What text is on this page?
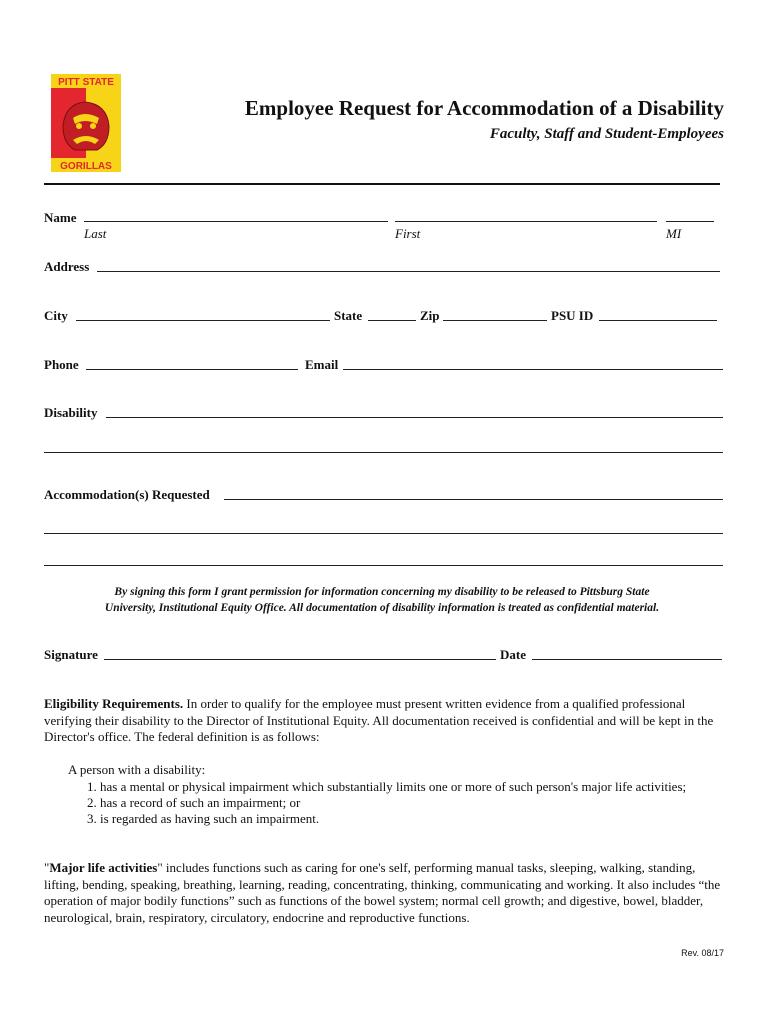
PITT STATE
GORILLAS
Employee Request for Accommodation of a Disability
Faculty, Staff and Student-Employees
Name
Last	First	MI
Address
City	State	Zip	PSU ID
Phone	Email
Disability
Accommodation(s) Requested
By signing this form I grant permission for information concerning my disability to be released to Pittsburg State
University, Institutional Equity Office. All documentation of disability information is treated as confidential material.
Signature	Date
Eligibility Requirements. In order to qualify for the employee must present written evidence from a qualified professional verifying their disability to the Director of Institutional Equity. All documentation received is confidential and will be kept in the Director's office. The federal definition is as follows:
A person with a disability:
1. has a mental or physical impairment which substantially limits one or more of such person's major life activities;
2. has a record of such an impairment; or
3. is regarded as having such an impairment.
"Major life activities" includes functions such as caring for one's self, performing manual tasks, sleeping, walking, standing, lifting, bending, speaking, breathing, learning, reading, concentrating, thinking, communicating and working. It also includes “the operation of major bodily functions” such as functions of the bowel system; normal cell growth; and digestive, bowel, bladder, neurological, brain, respiratory, circulatory, endocrine and reproductive functions.
Rev. 08/17
